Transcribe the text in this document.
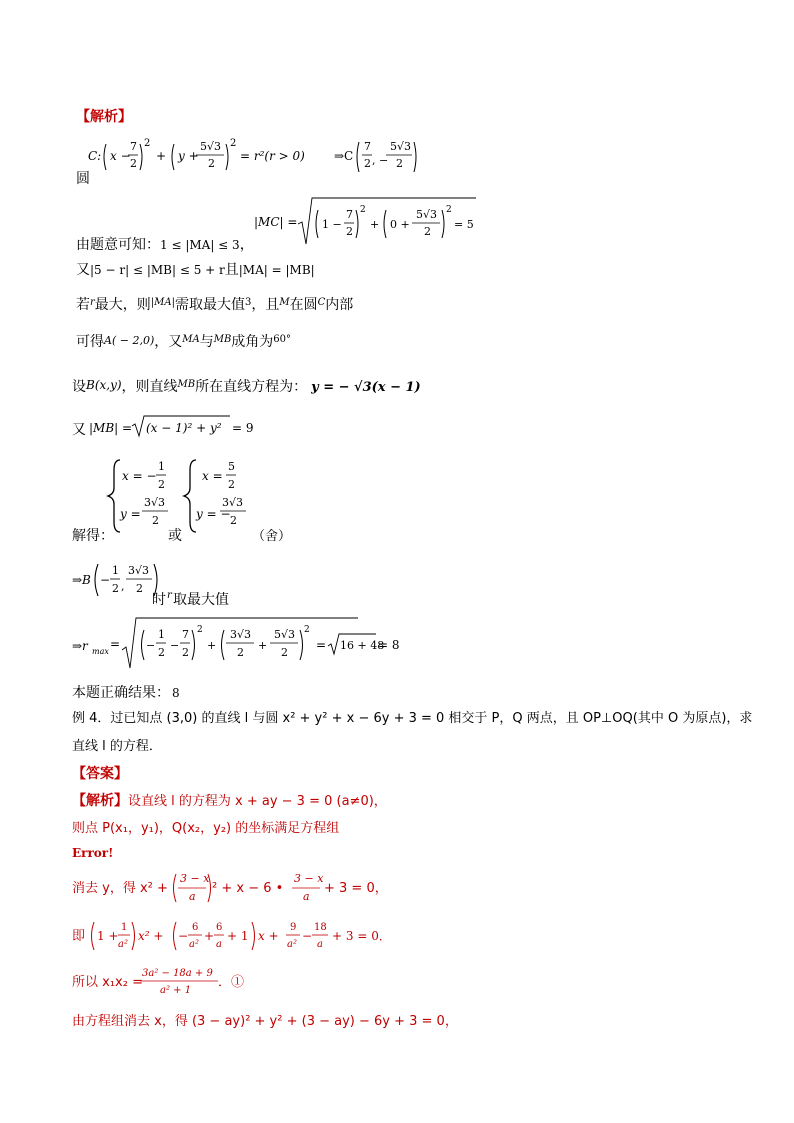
【解析】
C: x −
7
2
2
+ y +
5√3
2
2
= r²(r > 0) ⇒C
7
2 , −
5√3
2
圆
|MC| = 1 −
7
2
2
+ 0 +
5√3
2
2
= 5
由题意可知：1 ≤ |MA| ≤ 3，
又|5 − r| ≤ |MB| ≤ 5 + r且|MA| = |MB|
若$^r$最大，则$^{|MA|}$需取最大值$^3$，且$^M$在圆$^C$内部
可得A( − 2,0)，又$^{MA}$与$^{MB}$成角为$^{60^\circ}$
设B(x,y)，则直线$^{MB}$所在直线方程为： y = − √3(x − 1)
又 |MB| = (x − 1)² + y² = 9
解得：
x = −
1
2
y =
3√3
2
或
x =
5
2
y = −
3√3
2
（舍）
⇒B −
1
2 ,
3√3
2
时 r 取最大值
⇒r max
= −
1
2
−
7
2
2
+
3√3
2
+
5√3
2
2
= 16 + 48
= 8
本题正确结果： 8
例 4．过已知点 (3,0) 的直线 l 与圆 x² + y² + x − 6y + 3 = 0 相交于 P，Q 两点，且 OP⊥OQ(其中 O 为原点)，求
直线 l 的方程．
【答案】
【解析】设直线 l 的方程为 x + ay − 3 = 0 (a≠0)，
则点 P(x₁，y₁)，Q(x₂，y₂) 的坐标满足方程组
Error!
消去 y，得 x² +
3 − x
a
² + x − 6 •
3 − x
a
+ 3 = 0，
即 1 +
1
a²
x² + −
6
a²
+
6
a
+ 1 x +
9
a²
−
18
a
+ 3 = 0．
所以 x₁x₂ =
3a² − 18a + 9
a² + 1
．①
由方程组消去 x，得 (3 − ay)² + y² + (3 − ay) − 6y + 3 = 0，
